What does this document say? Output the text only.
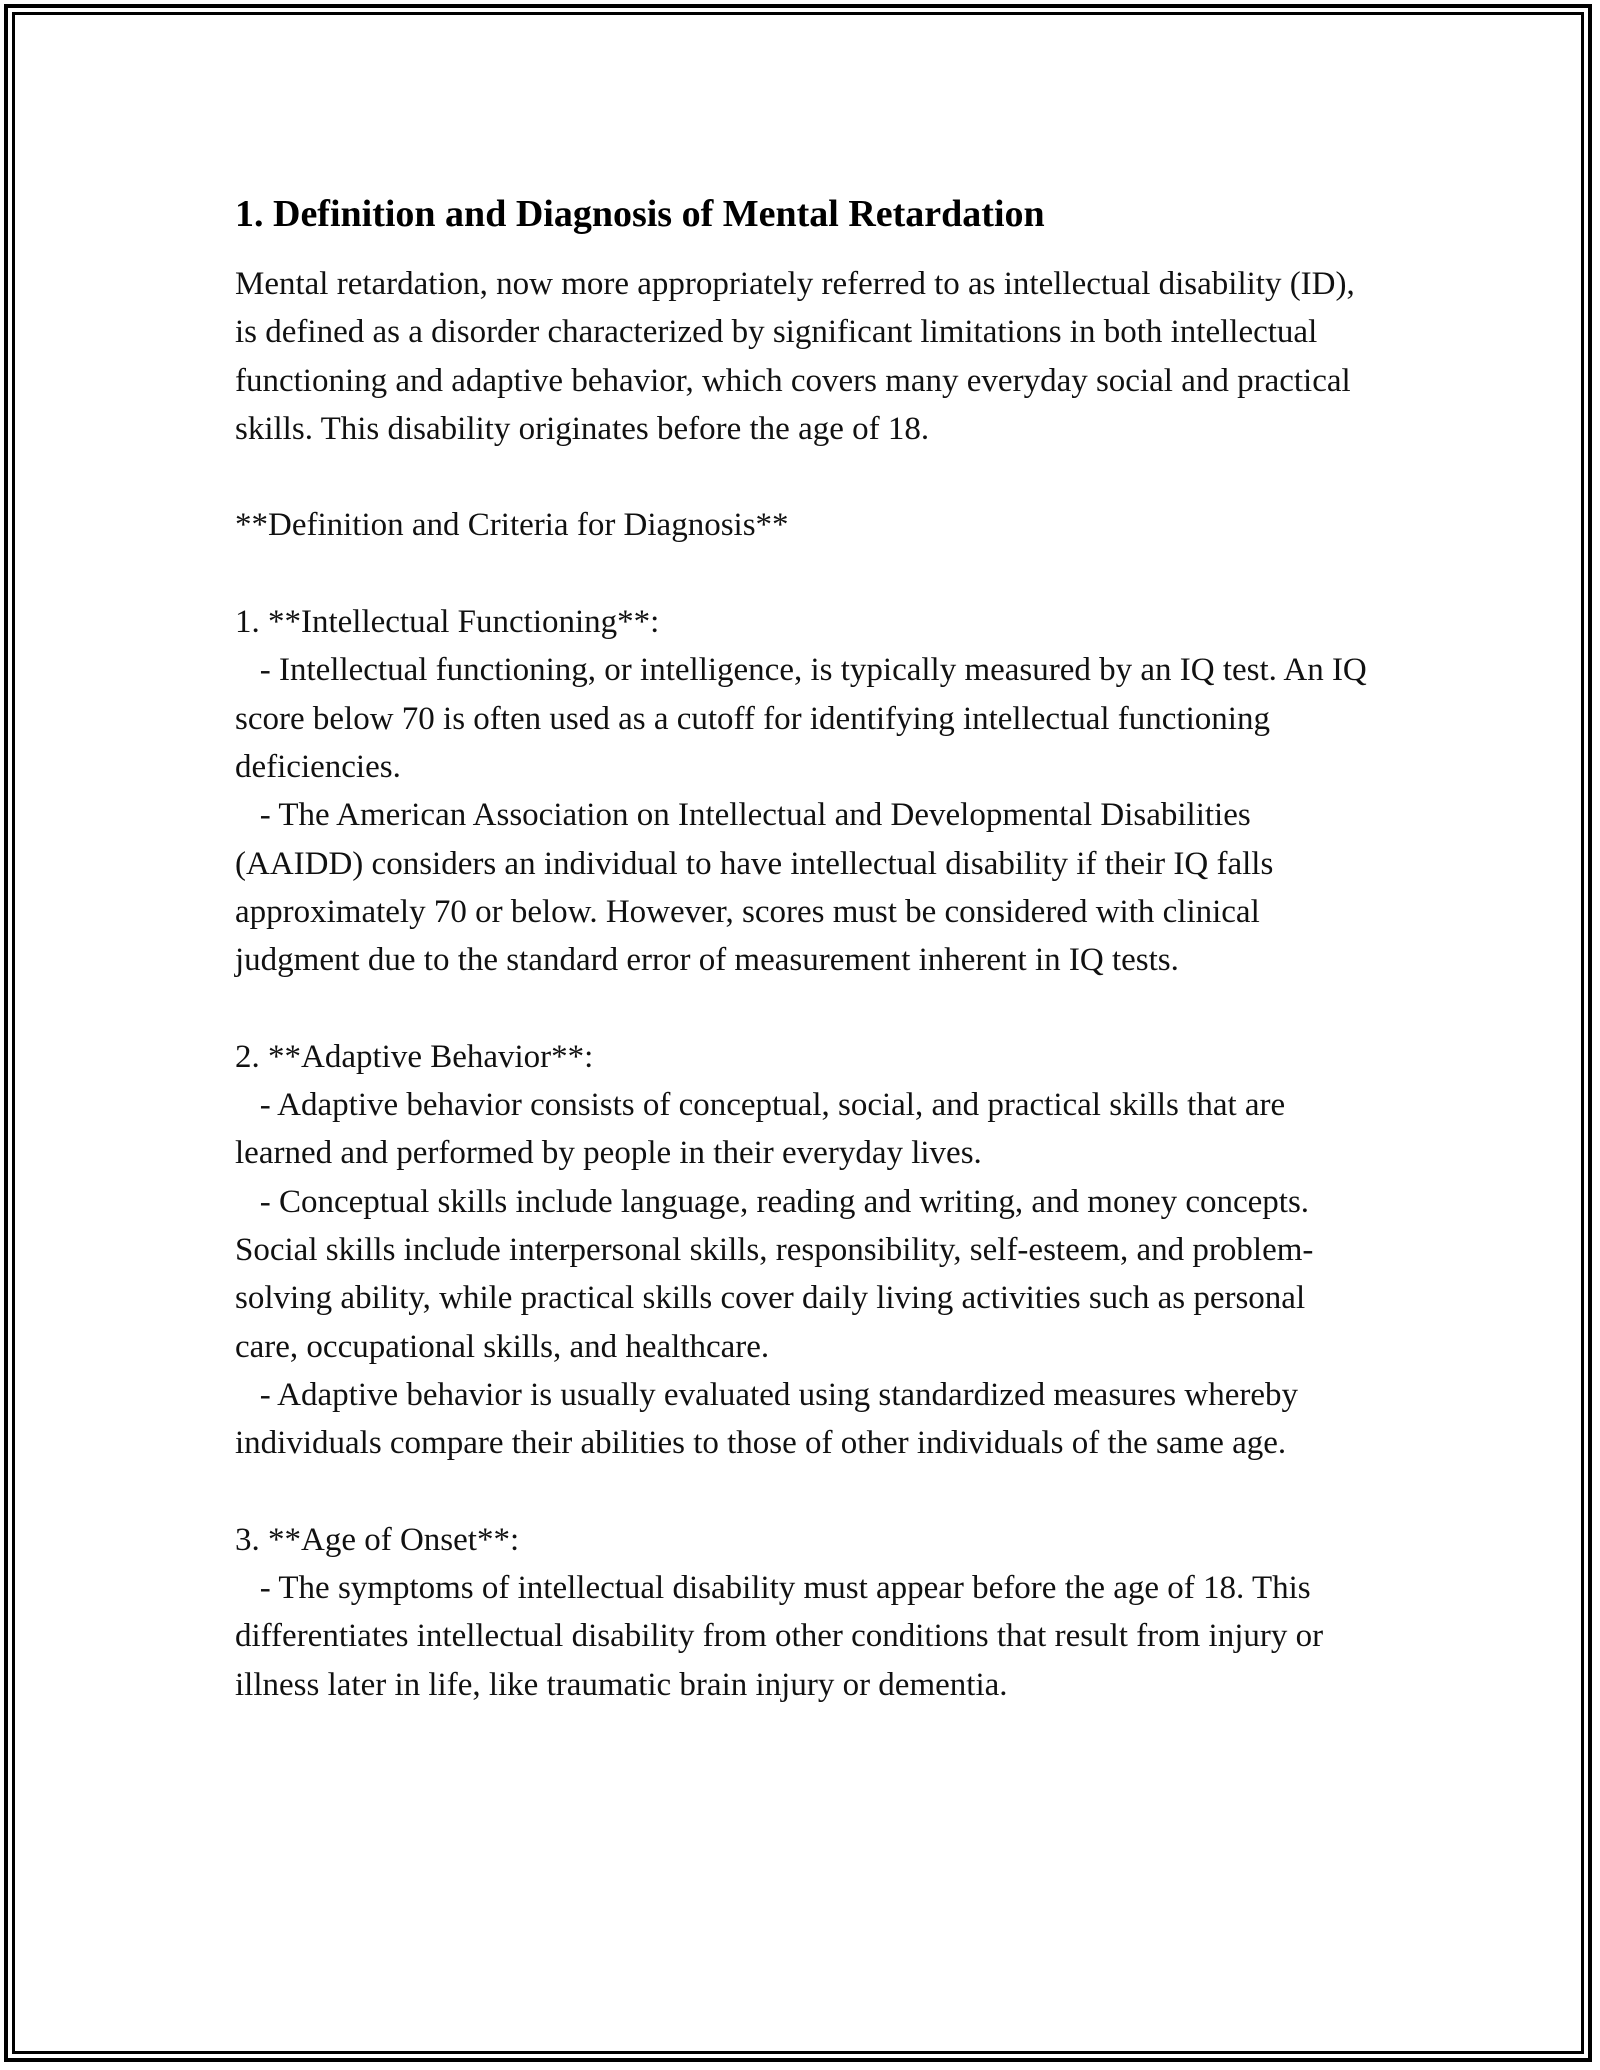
1. Definition and Diagnosis of Mental Retardation

Mental retardation, now more appropriately referred to as intellectual disability (ID), is defined as a disorder characterized by significant limitations in both intellectual functioning and adaptive behavior, which covers many everyday social and practical skills. This disability originates before the age of 18.

**Definition and Criteria for Diagnosis**

1. **Intellectual Functioning**:

- Intellectual functioning, or intelligence, is typically measured by an IQ test. An IQ score below 70 is often used as a cutoff for identifying intellectual functioning deficiencies.

- The American Association on Intellectual and Developmental Disabilities (AAIDD) considers an individual to have intellectual disability if their IQ falls approximately 70 or below. However, scores must be considered with clinical judgment due to the standard error of measurement inherent in IQ tests.

2. **Adaptive Behavior**:

- Adaptive behavior consists of conceptual, social, and practical skills that are learned and performed by people in their everyday lives.

- Conceptual skills include language, reading and writing, and money concepts. Social skills include interpersonal skills, responsibility, self-esteem, and problem-solving ability, while practical skills cover daily living activities such as personal care, occupational skills, and healthcare.

- Adaptive behavior is usually evaluated using standardized measures whereby individuals compare their abilities to those of other individuals of the same age.

3. **Age of Onset**:

- The symptoms of intellectual disability must appear before the age of 18. This differentiates intellectual disability from other conditions that result from injury or illness later in life, like traumatic brain injury or dementia.
